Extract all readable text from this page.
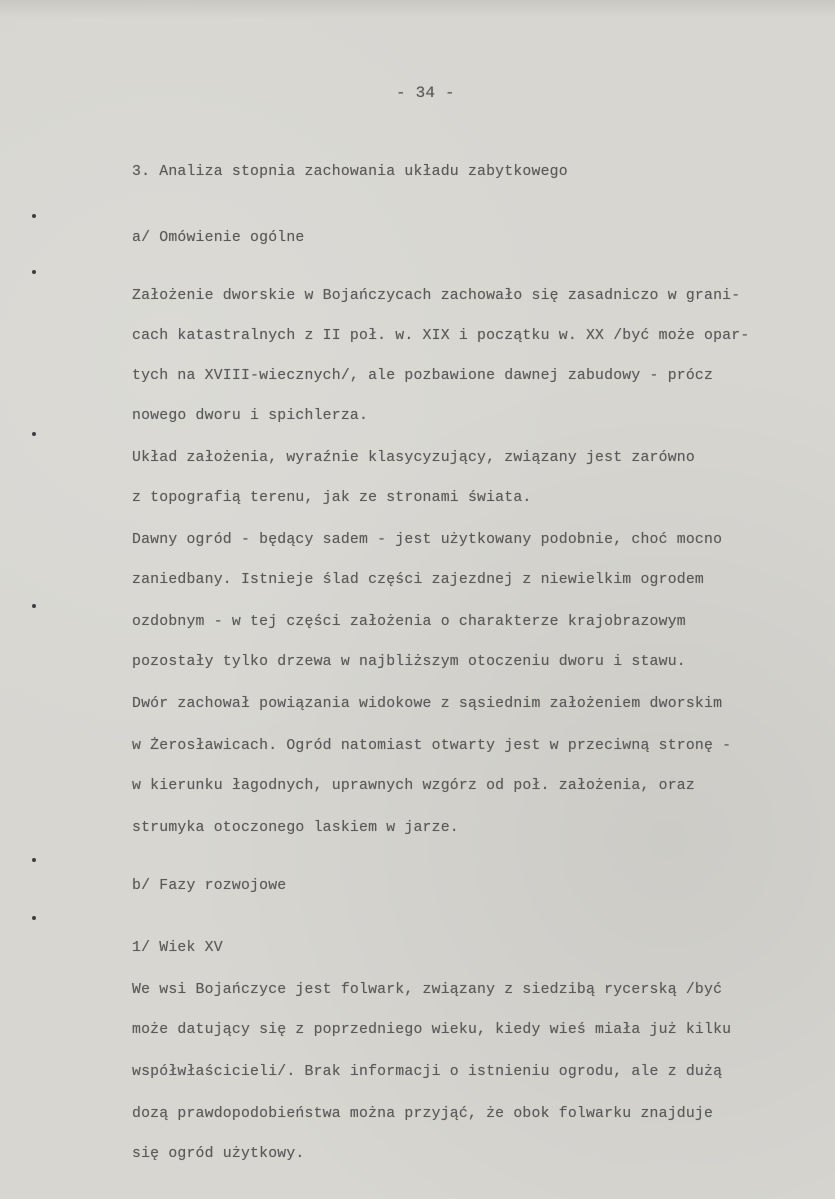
- 34 -
3. Analiza stopnia zachowania układu zabytkowego
a/ Omówienie ogólne
Założenie dworskie w Bojańczycach zachowało się zasadniczo w grani-
cach katastralnych z II poł. w. XIX i początku w. XX /być może opar-
tych na XVIII-wiecznych/, ale pozbawione dawnej zabudowy - prócz
nowego dworu i spichlerza.
Układ założenia, wyraźnie klasycyzujący, związany jest zarówno
z topografią terenu, jak ze stronami świata.
Dawny ogród - będący sadem - jest użytkowany podobnie, choć mocno
zaniedbany. Istnieje ślad części zajezdnej z niewielkim ogrodem
ozdobnym - w tej części założenia o charakterze krajobrazowym
pozostały tylko drzewa w najbliższym otoczeniu dworu i stawu.
Dwór zachował powiązania widokowe z sąsiednim założeniem dworskim
w Żerosławicach. Ogród natomiast otwarty jest w przeciwną stronę -
w kierunku łagodnych, uprawnych wzgórz od poł. założenia, oraz
strumyka otoczonego laskiem w jarze.
b/ Fazy rozwojowe
1/ Wiek XV
We wsi Bojańczyce jest folwark, związany z siedzibą rycerską /być
może datujący się z poprzedniego wieku, kiedy wieś miała już kilku
współwłaścicieli/. Brak informacji o istnieniu ogrodu, ale z dużą
dozą prawdopodobieństwa można przyjąć, że obok folwarku znajduje
się ogród użytkowy.
